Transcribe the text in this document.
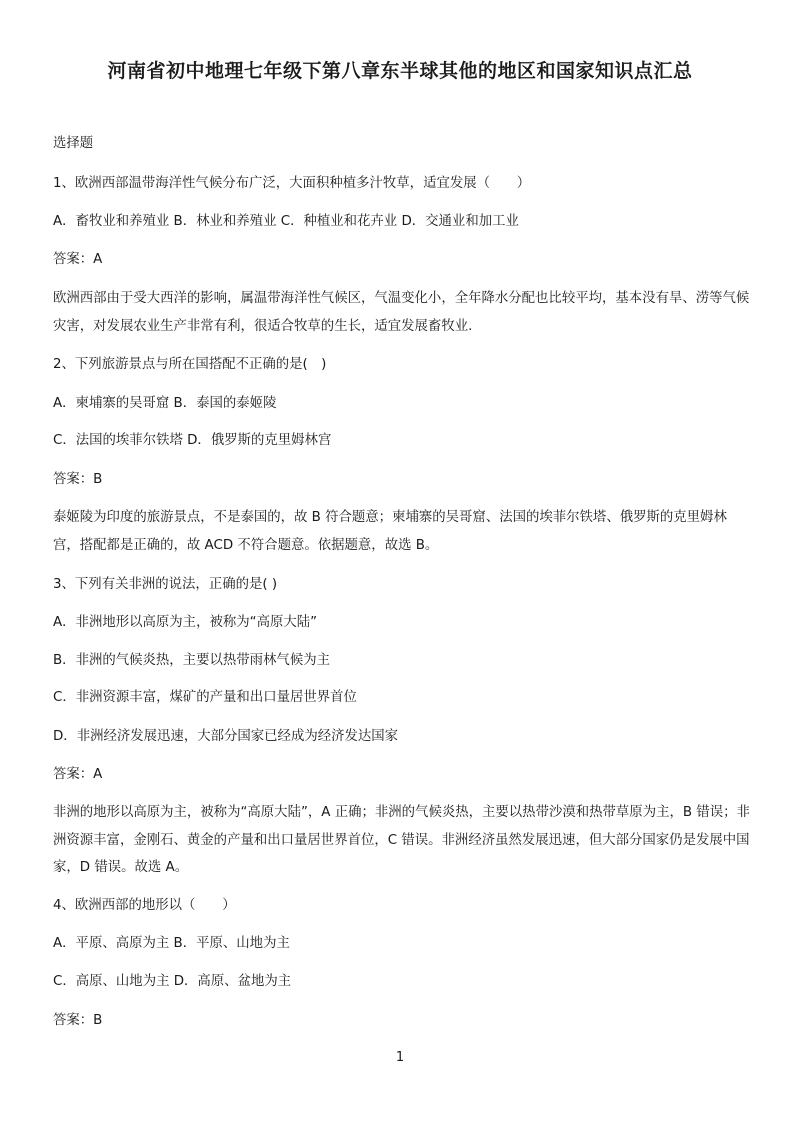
河南省初中地理七年级下第八章东半球其他的地区和国家知识点汇总
选择题
1、欧洲西部温带海洋性气候分布广泛，大面积种植多汁牧草，适宜发展（　　）
A．畜牧业和养殖业 B．林业和养殖业 C．种植业和花卉业 D．交通业和加工业
答案：A
欧洲西部由于受大西洋的影响，属温带海洋性气候区，气温变化小，全年降水分配也比较平均，基本没有旱、涝等气候灾害，对发展农业生产非常有利，很适合牧草的生长，适宜发展畜牧业.
2、下列旅游景点与所在国搭配不正确的是(　)
A．柬埔寨的吴哥窟 B．泰国的泰姬陵
C．法国的埃菲尔铁塔 D．俄罗斯的克里姆林宫
答案：B
泰姬陵为印度的旅游景点，不是泰国的，故 B 符合题意；柬埔寨的吴哥窟、法国的埃菲尔铁塔、俄罗斯的克里姆林宫，搭配都是正确的，故 ACD 不符合题意。依据题意，故选 B。
3、下列有关非洲的说法，正确的是( )
A．非洲地形以高原为主，被称为“高原大陆”
B．非洲的气候炎热，主要以热带雨林气候为主
C．非洲资源丰富，煤矿的产量和出口量居世界首位
D．非洲经济发展迅速，大部分国家已经成为经济发达国家
答案：A
非洲的地形以高原为主，被称为“高原大陆”，A 正确；非洲的气候炎热，主要以热带沙漠和热带草原为主，B 错误；非洲资源丰富，金刚石、黄金的产量和出口量居世界首位，C 错误。非洲经济虽然发展迅速，但大部分国家仍是发展中国家，D 错误。故选 A。
4、欧洲西部的地形以（　　）
A．平原、高原为主 B．平原、山地为主
C．高原、山地为主 D．高原、盆地为主
答案：B
1
